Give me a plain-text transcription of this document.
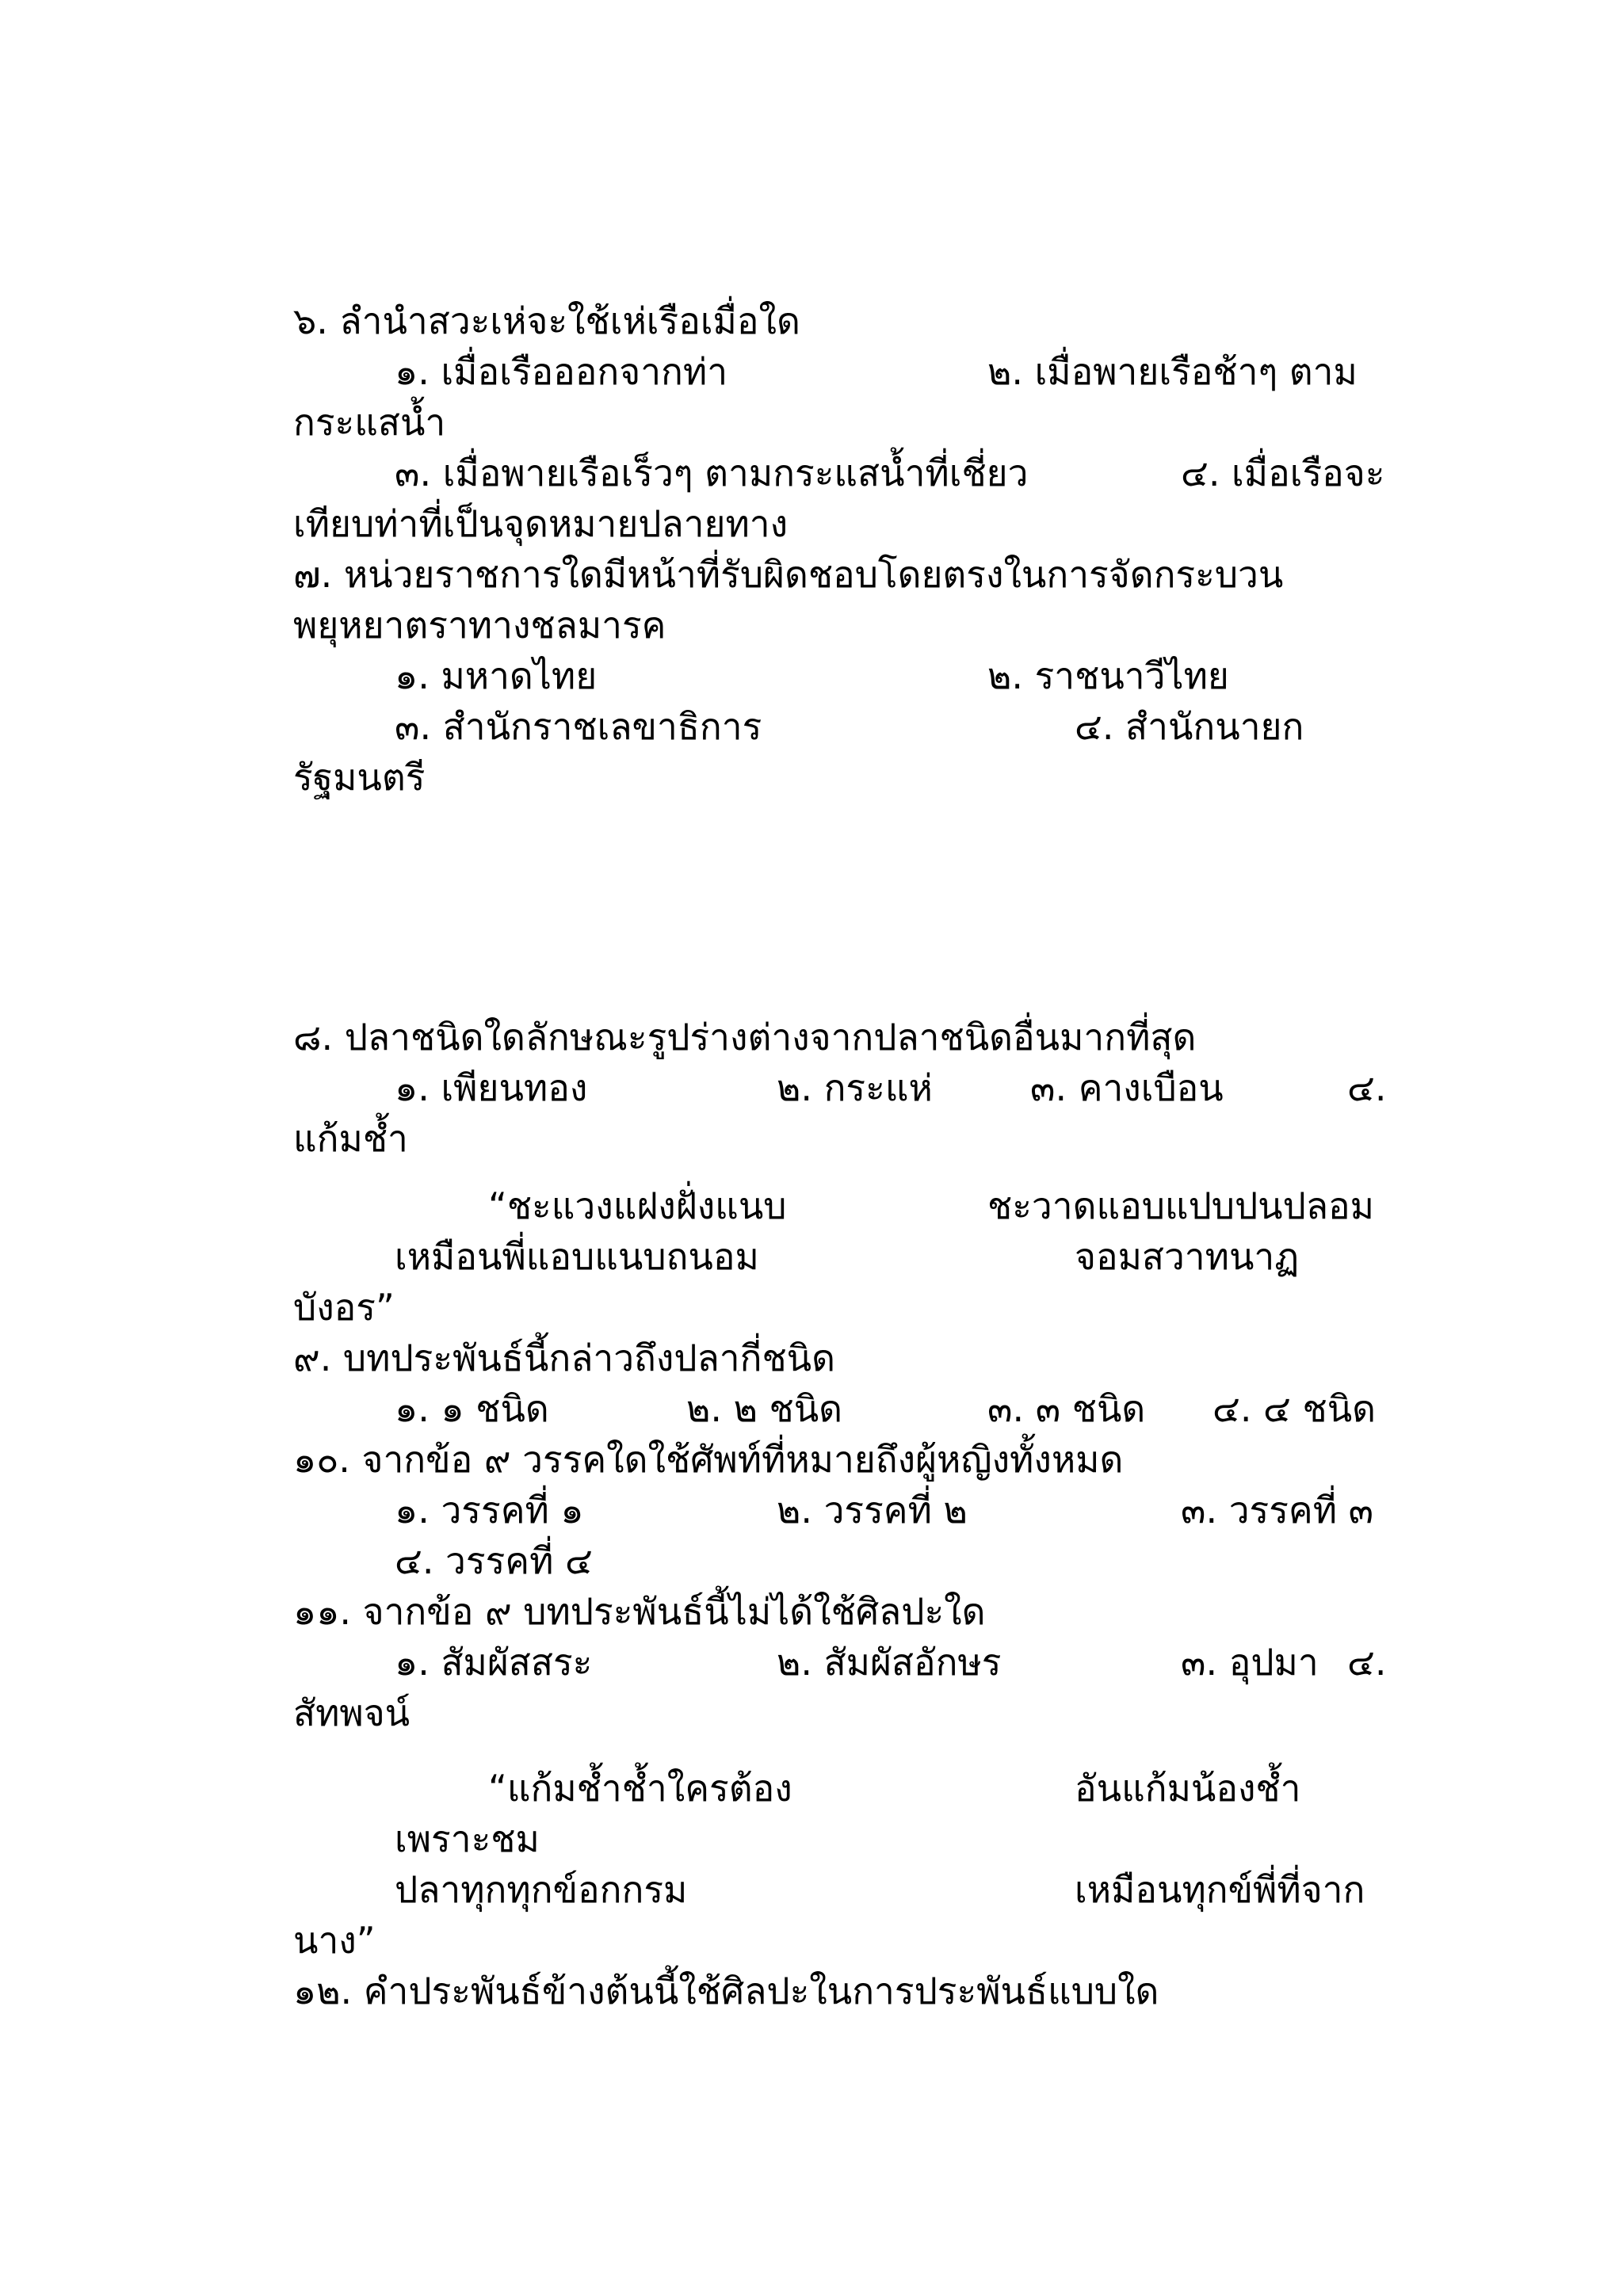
๖. ลำนำสวะเห่จะใช้เห่เรือเมื่อใด
๑. เมื่อเรือออกจากท่า	๒. เมื่อพายเรือช้าๆ ตาม
กระแสน้ำ
๓. เมื่อพายเรือเร็วๆ ตามกระแสน้ำที่เชี่ยว	๔. เมื่อเรือจะ
เทียบท่าที่เป็นจุดหมายปลายทาง
๗. หน่วยราชการใดมีหน้าที่รับผิดชอบโดยตรงในการจัดกระบวน
พยุหยาตราทางชลมารค
๑. มหาดไทย	๒. ราชนาวีไทย
๓. สำนักราชเลขาธิการ	๔. สำนักนายก
รัฐมนตรี
๘. ปลาชนิดใดลักษณะรูปร่างต่างจากปลาชนิดอื่นมากที่สุด
๑. เพียนทอง	๒. กระแห่	๓. คางเบือน	๔.
แก้มช้ำ
“ชะแวงแฝงฝั่งแนบ	ชะวาดแอบแปบปนปลอม
เหมือนพี่แอบแนบถนอม	จอมสวาทนาฏ
บังอร”
๙. บทประพันธ์นี้กล่าวถึงปลากี่ชนิด
๑. ๑ ชนิด	๒. ๒ ชนิด	๓. ๓ ชนิด ๔. ๔ ชนิด
๑๐. จากข้อ ๙ วรรคใดใช้ศัพท์ที่หมายถึงผู้หญิงทั้งหมด
๑. วรรคที่ ๑	๒. วรรคที่ ๒	๓. วรรคที่ ๓
๔. วรรคที่ ๔
๑๑. จากข้อ ๙ บทประพันธ์นี้ไม่ได้ใช้ศิลปะใด
๑. สัมผัสสระ	๒. สัมผัสอักษร	๓. อุปมา ๔.
สัทพจน์
“แก้มช้ำช้ำใครต้อง	อันแก้มน้องช้ำ
เพราะชม
ปลาทุกทุกข์อกกรม	เหมือนทุกข์พี่ที่จาก
นาง”
๑๒. คำประพันธ์ข้างต้นนี้ใช้ศิลปะในการประพันธ์แบบใด
